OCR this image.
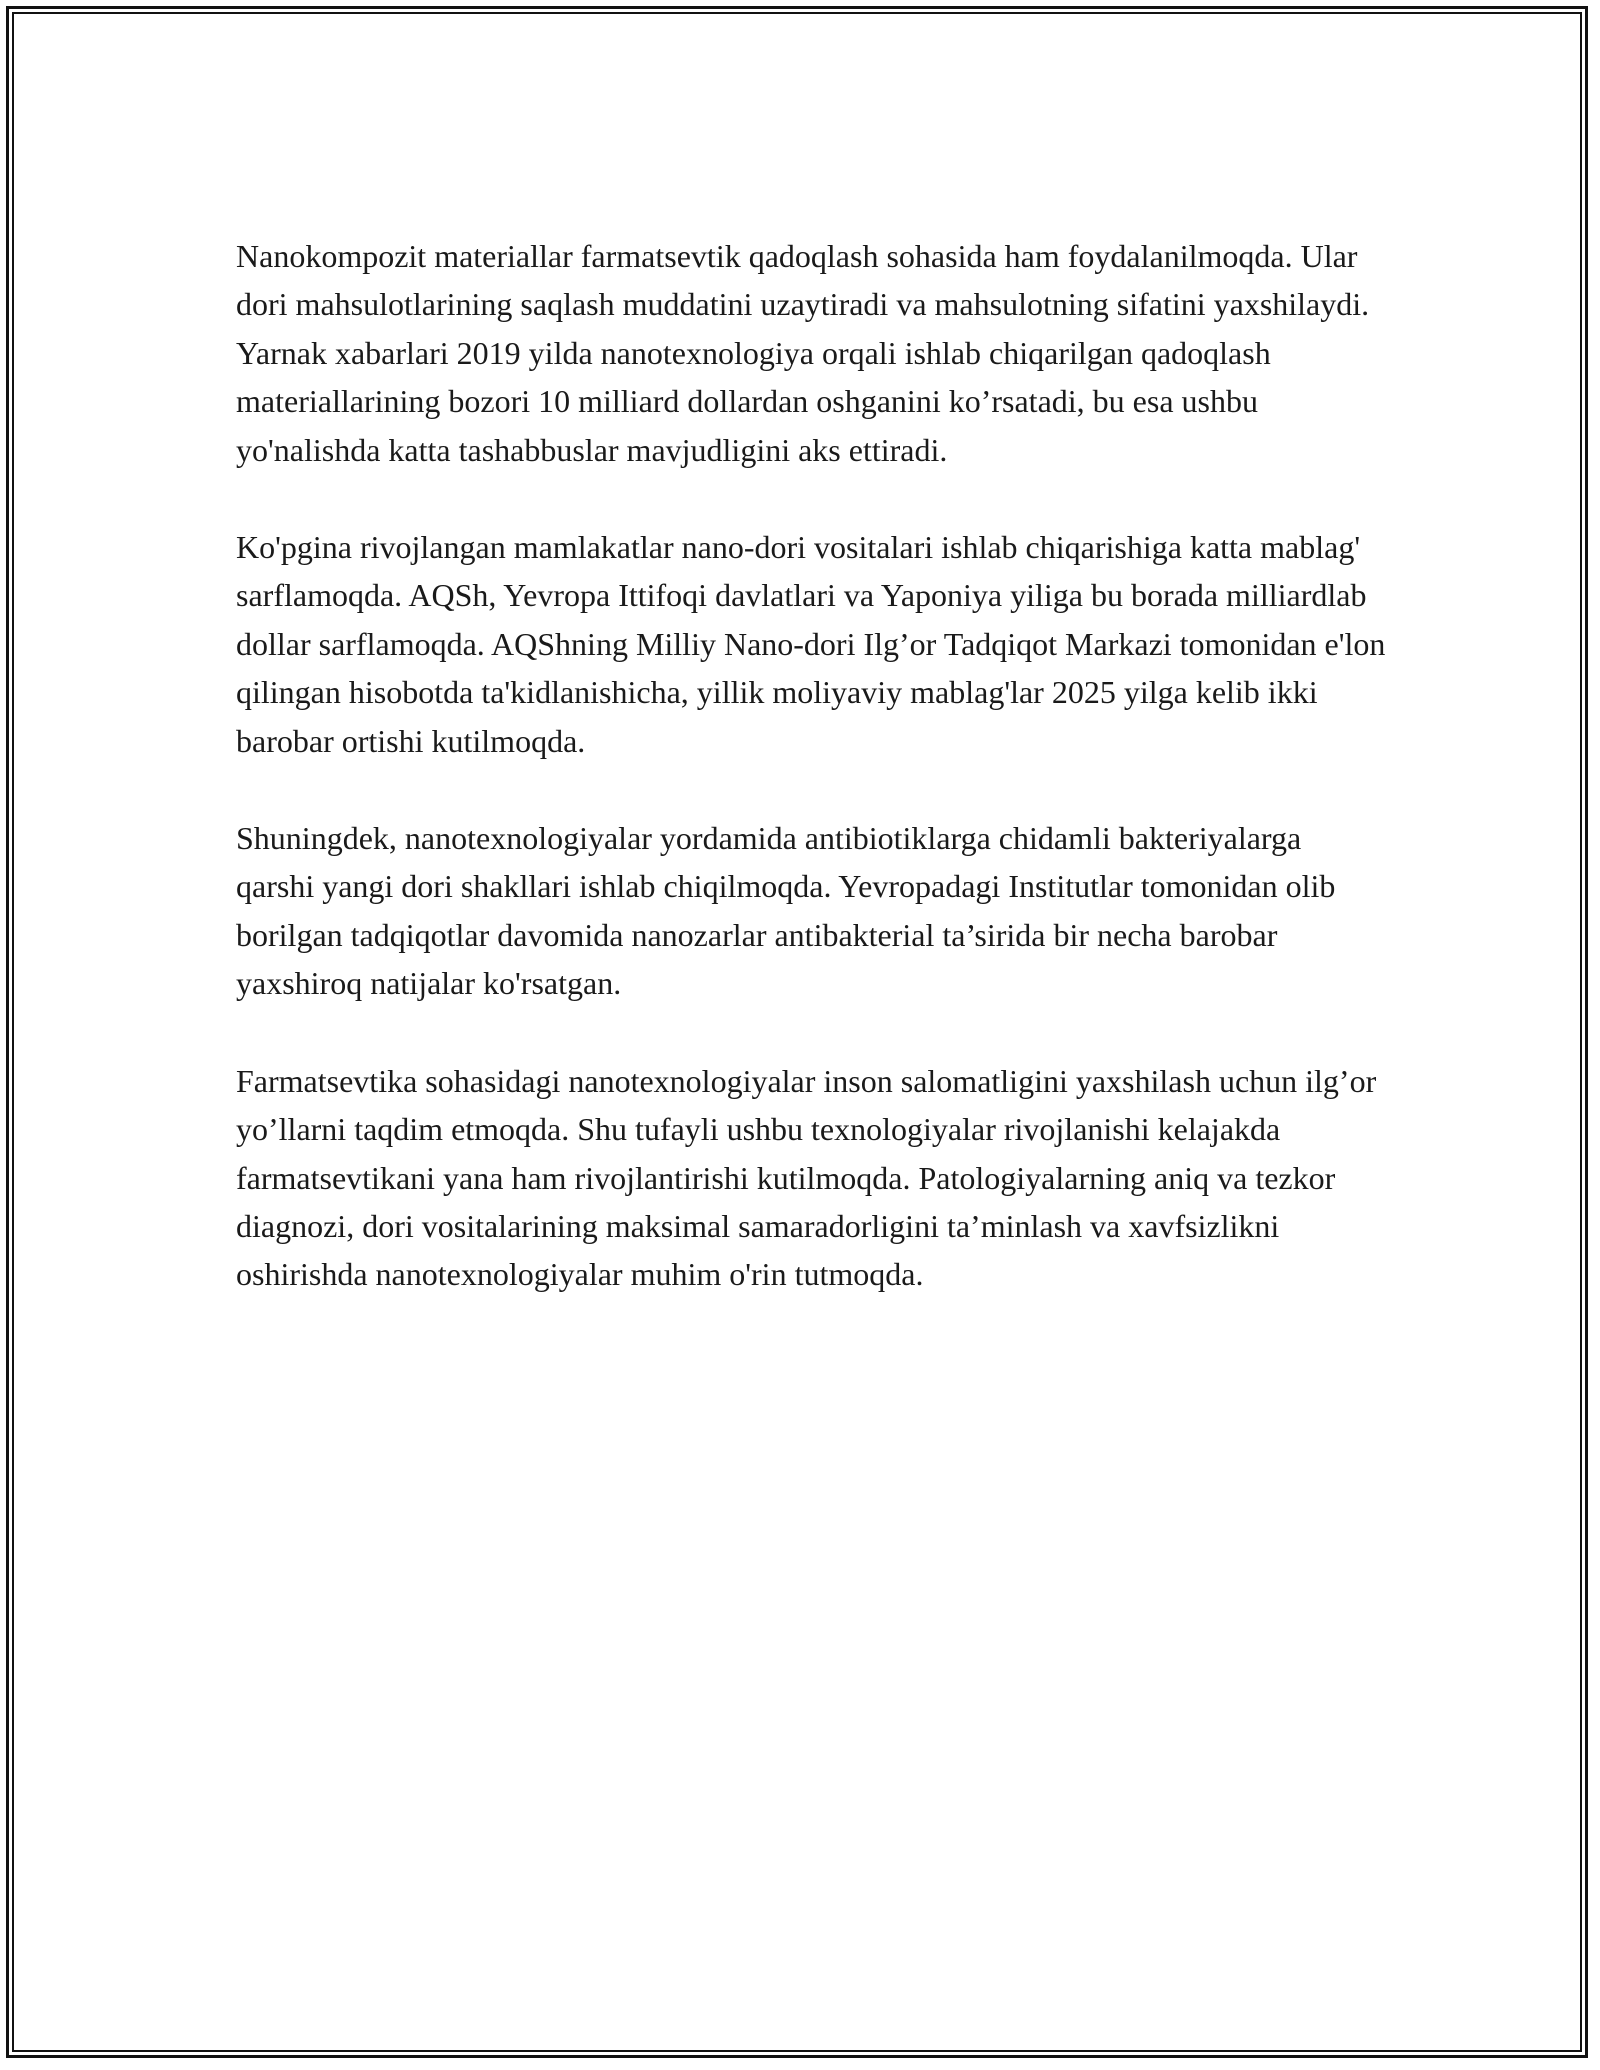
Nanokompozit materiallar farmatsevtik qadoqlash sohasida ham foydalanilmoqda. Ular dori mahsulotlarining saqlash muddatini uzaytiradi va mahsulotning sifatini yaxshilaydi. Yarnak xabarlari 2019 yilda nanotexnologiya orqali ishlab chiqarilgan qadoqlash materiallarining bozori 10 milliard dollardan oshganini ko’rsatadi, bu esa ushbu yo'nalishda katta tashabbuslar mavjudligini aks ettiradi.

Ko'pgina rivojlangan mamlakatlar nano-dori vositalari ishlab chiqarishiga katta mablag' sarflamoqda. AQSh, Yevropa Ittifoqi davlatlari va Yaponiya yiliga bu borada milliardlab dollar sarflamoqda. AQShning Milliy Nano-dori Ilg’or Tadqiqot Markazi tomonidan e'lon qilingan hisobotda ta'kidlanishicha, yillik moliyaviy mablag'lar 2025 yilga kelib ikki barobar ortishi kutilmoqda.

Shuningdek, nanotexnologiyalar yordamida antibiotiklarga chidamli bakteriyalarga qarshi yangi dori shakllari ishlab chiqilmoqda. Yevropadagi Institutlar tomonidan olib borilgan tadqiqotlar davomida nanozarlar antibakterial ta’sirida bir necha barobar yaxshiroq natijalar ko'rsatgan.

Farmatsevtika sohasidagi nanotexnologiyalar inson salomatligini yaxshilash uchun ilg’or yo’llarni taqdim etmoqda. Shu tufayli ushbu texnologiyalar rivojlanishi kelajakda farmatsevtikani yana ham rivojlantirishi kutilmoqda. Patologiyalarning aniq va tezkor diagnozi, dori vositalarining maksimal samaradorligini ta’minlash va xavfsizlikni oshirishda nanotexnologiyalar muhim o'rin tutmoqda.
